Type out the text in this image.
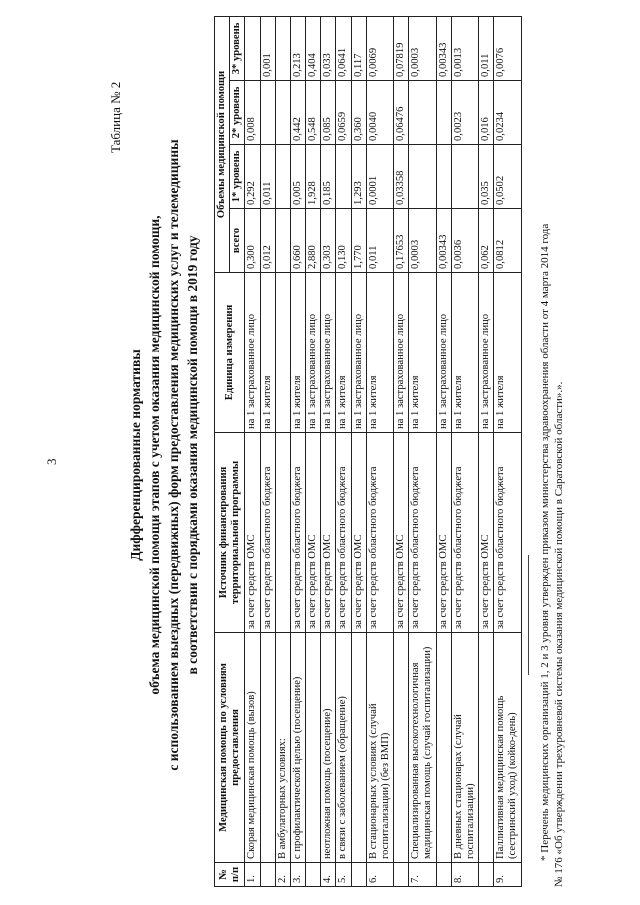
3
Таблица № 2
Дифференцированные нормативы объема медицинской помощи этапов с учетом оказания медицинской помощи, с использованием выездных (передвижных) форм предоставления медицинских услуг и телемедицины в соответствии с порядками оказания медицинской помощи в 2019 году
№ п/п	Медицинская помощь по условиям предоставления	Источник финансирования территориальной программы	Единица измерения	Объемы медицинской помощи			
				всего	1* уровень	2* уровень	3* уровень
1.	Скорая медицинская помощь (вызов)	за счет средств ОМС	на 1 застрахованное лицо	0,300	0,292	0,008	
		за счет средств областного бюджета	на 1 жителя	0,012	0,011		0,001
2.	В амбулаторных условиях:						
3.	с профилактической целью (посещение)	за счет средств областного бюджета	на 1 жителя	0,660	0,005	0,442	0,213
		за счет средств ОМС	на 1 застрахованное лицо	2,880	1,928	0,548	0,404
4.	неотложная помощь (посещение)	за счет средств ОМС	на 1 застрахованное лицо	0,303	0,185	0,085	0,033
5.	в связи с заболеванием (обращение)	за счет средств областного бюджета	на 1 жителя	0,130		0,0659	0,0641
		за счет средств ОМС	на 1 застрахованное лицо	1,770	1,293	0,360	0,117
6.	В стационарных условиях (случай госпитализации) (без ВМП)	за счет средств областного бюджета	на 1 жителя	0,011	0,0001	0,0040	0,0069
		за счет средств ОМС	на 1 застрахованное лицо	0,17653	0,03358	0,06476	0,07819
7.	Специализированная высокотехнологичная медицинская помощь (случай госпитализации)	за счет средств областного бюджета	на 1 жителя	0,0003			0,0003
		за счет средств ОМС	на 1 застрахованное лицо	0,00343			0,00343
8.	В дневных стационарах (случай госпитализации)	за счет средств областного бюджета	на 1 жителя	0,0036		0,0023	0,0013
		за счет средств ОМС	на 1 застрахованное лицо	0,062	0,035	0,016	0,011
9.	Паллиативная медицинская помощь (сестринский уход) (койко-день)	за счет средств областного бюджета	на 1 жителя	0,0812	0,0502	0,0234	0,0076
* Перечень медицинских организаций 1, 2 и 3 уровня утвержден приказом министерства здравоохранения области от 4 марта 2014 года № 176 «Об утверждении трехуровневой системы оказания медицинской помощи в Саратовской области».».
